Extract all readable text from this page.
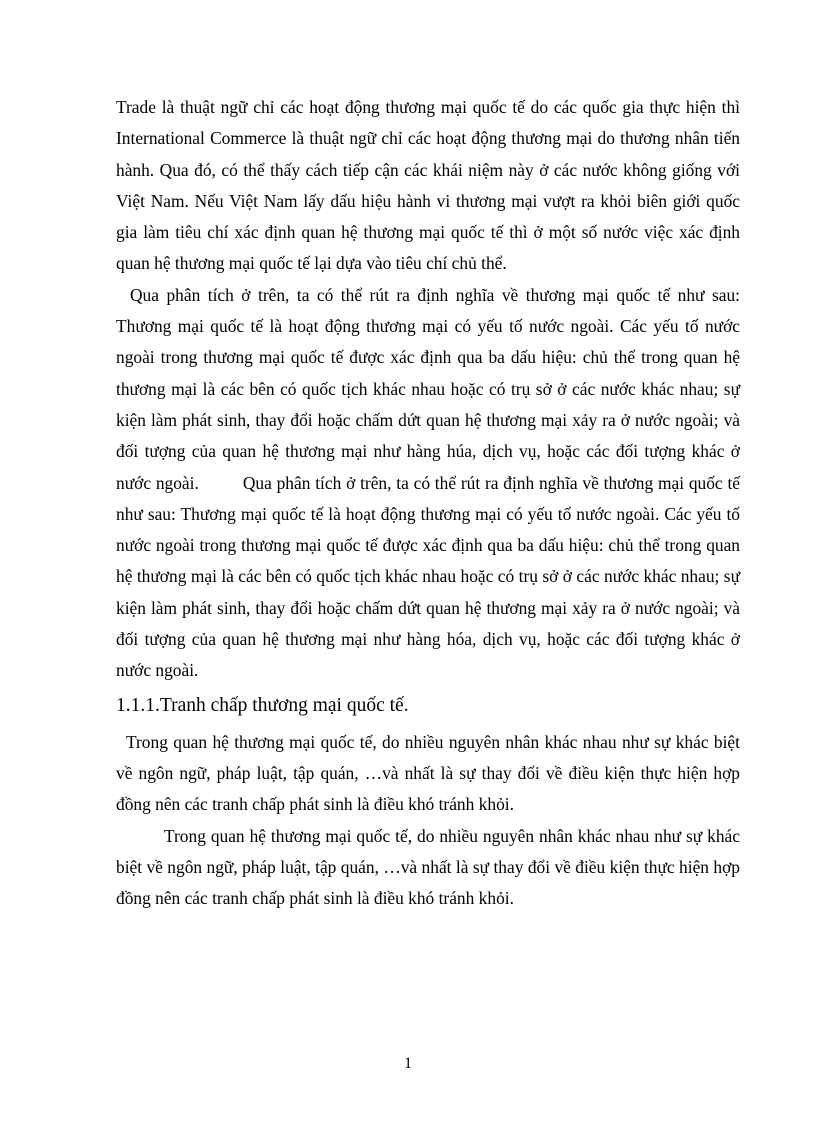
Trade là thuật ngữ chỉ các hoạt động thương mại quốc tế do các quốc gia thực hiện thì International Commerce là thuật ngữ chỉ các hoạt động thương mại do thương nhân tiến hành. Qua đó, có thể thấy cách tiếp cận các khái niệm này ở các nước không giống với Việt Nam. Nếu Việt Nam lấy dấu hiệu hành vi thương mại vượt ra khỏi biên giới quốc gia làm tiêu chí xác định quan hệ thương mại quốc tế thì ở một số nước việc xác định quan hệ thương mại quốc tế lại dựa vào tiêu chí chủ thể.

Qua phân tích ở trên, ta có thể rút ra định nghĩa về thương mại quốc tế như sau: Thương mại quốc tế là hoạt động thương mại có yếu tố nước ngoài. Các yếu tố nước ngoài trong thương mại quốc tế được xác định qua ba dấu hiệu: chủ thể trong quan hệ thương mại là các bên có quốc tịch khác nhau hoặc có trụ sở ở các nước khác nhau; sự kiện làm phát sinh, thay đổi hoặc chấm dứt quan hệ thương mại xảy ra ở nước ngoài; và đối tượng của quan hệ thương mại như hàng húa, dịch vụ, hoặc các đối tượng khác ở nước ngoài.	Qua phân tích ở trên, ta có thể rút ra định nghĩa về thương mại quốc tế như sau: Thương mại quốc tế là hoạt động thương mại có yếu tố nước ngoài. Các yếu tố nước ngoài trong thương mại quốc tế được xác định qua ba dấu hiệu: chủ thể trong quan hệ thương mại là các bên có quốc tịch khác nhau hoặc có trụ sở ở các nước khác nhau; sự kiện làm phát sinh, thay đổi hoặc chấm dứt quan hệ thương mại xảy ra ở nước ngoài; và đối tượng của quan hệ thương mại như hàng hóa, dịch vụ, hoặc các đối tượng khác ở nước ngoài.

1.1.1.Tranh chấp thương mại quốc tế.

Trong quan hệ thương mại quốc tế, do nhiều nguyên nhân khác nhau như sự khác biệt về ngôn ngữ, pháp luật, tập quán, …và nhất là sự thay đổi về điều kiện thực hiện hợp đồng nên các tranh chấp phát sinh là điều khó tránh khỏi.

Trong quan hệ thương mại quốc tế, do nhiều nguyên nhân khác nhau như sự khác biệt về ngôn ngữ, pháp luật, tập quán, …và nhất là sự thay đổi về điều kiện thực hiện hợp đồng nên các tranh chấp phát sinh là điều khó tránh khỏi.

1
